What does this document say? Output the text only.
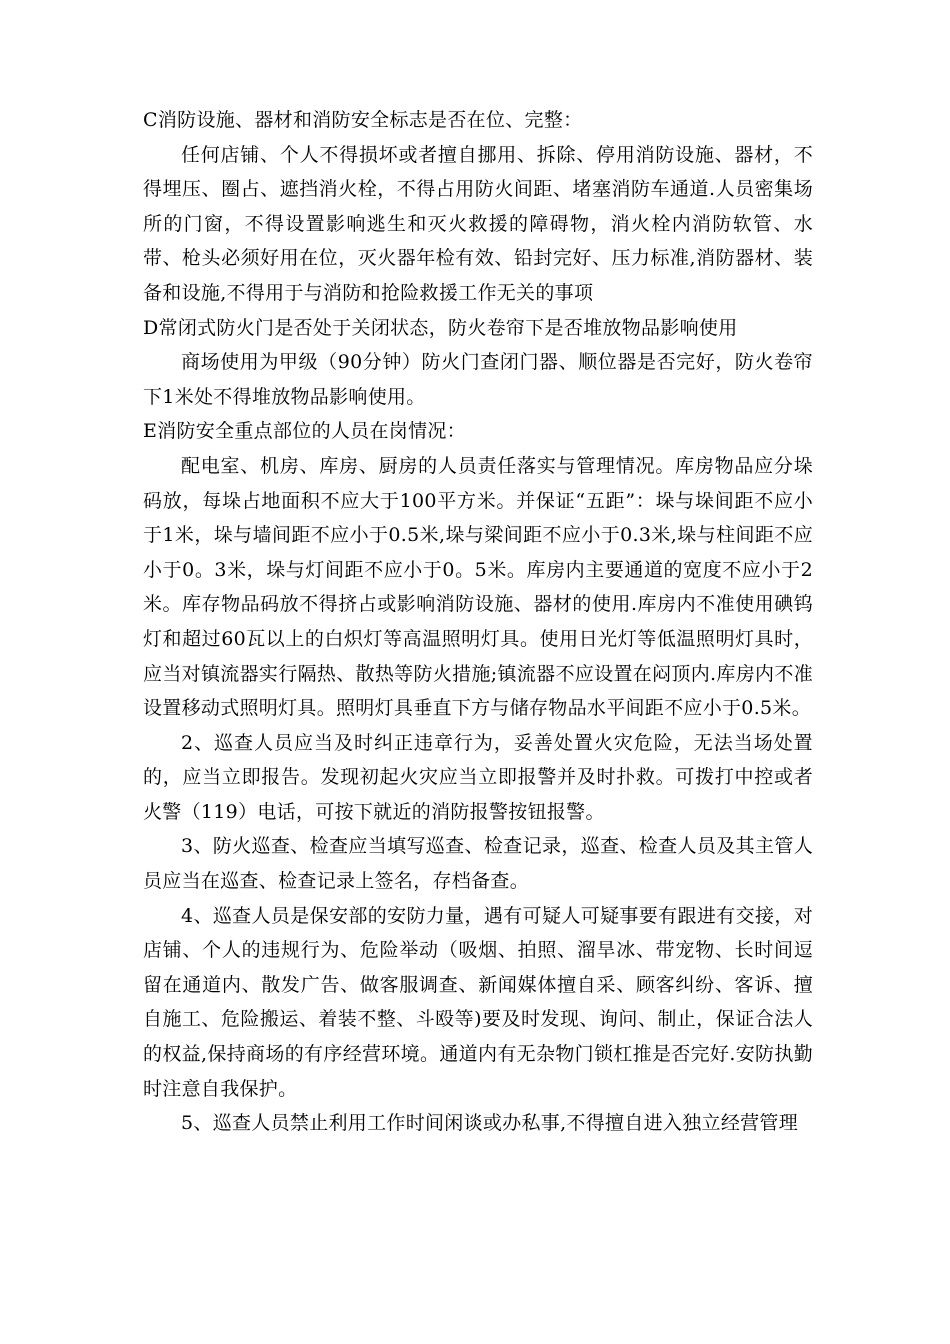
C消防设施、器材和消防安全标志是否在位、完整：

任何店铺、个人不得损坏或者擅自挪用、拆除、停用消防设施、器材，不得埋压、圈占、遮挡消火栓，不得占用防火间距、堵塞消防车通道.人员密集场所的门窗，不得设置影响逃生和灭火救援的障碍物，消火栓内消防软管、水带、枪头必须好用在位，灭火器年检有效、铅封完好、压力标准,消防器材、装备和设施,不得用于与消防和抢险救援工作无关的事项

D常闭式防火门是否处于关闭状态，防火卷帘下是否堆放物品影响使用

商场使用为甲级（90分钟）防火门查闭门器、顺位器是否完好，防火卷帘下1米处不得堆放物品影响使用。

E消防安全重点部位的人员在岗情况：

配电室、机房、库房、厨房的人员责任落实与管理情况。库房物品应分垛码放，每垛占地面积不应大于100平方米。并保证“五距”：垛与垛间距不应小于1米，垛与墙间距不应小于0.5米,垛与梁间距不应小于0.3米,垛与柱间距不应小于0。3米，垛与灯间距不应小于0。5米。库房内主要通道的宽度不应小于2米。库存物品码放不得挤占或影响消防设施、器材的使用.库房内不准使用碘钨灯和超过60瓦以上的白炽灯等高温照明灯具。使用日光灯等低温照明灯具时，应当对镇流器实行隔热、散热等防火措施;镇流器不应设置在闷顶内.库房内不准设置移动式照明灯具。照明灯具垂直下方与储存物品水平间距不应小于0.5米。

2、巡查人员应当及时纠正违章行为，妥善处置火灾危险，无法当场处置的，应当立即报告。发现初起火灾应当立即报警并及时扑救。可拨打中控或者火警（119）电话，可按下就近的消防报警按钮报警。

3、防火巡查、检查应当填写巡查、检查记录，巡查、检查人员及其主管人员应当在巡查、检查记录上签名，存档备查。

4、巡查人员是保安部的安防力量，遇有可疑人可疑事要有跟进有交接，对店铺、个人的违规行为、危险举动（吸烟、拍照、溜旱冰、带宠物、长时间逗留在通道内、散发广告、做客服调查、新闻媒体擅自采、顾客纠纷、客诉、擅自施工、危险搬运、着装不整、斗殴等)要及时发现、询问、制止，保证合法人的权益,保持商场的有序经营环境。通道内有无杂物门锁杠推是否完好.安防执勤时注意自我保护。

5、巡查人员禁止利用工作时间闲谈或办私事,不得擅自进入独立经营管理
